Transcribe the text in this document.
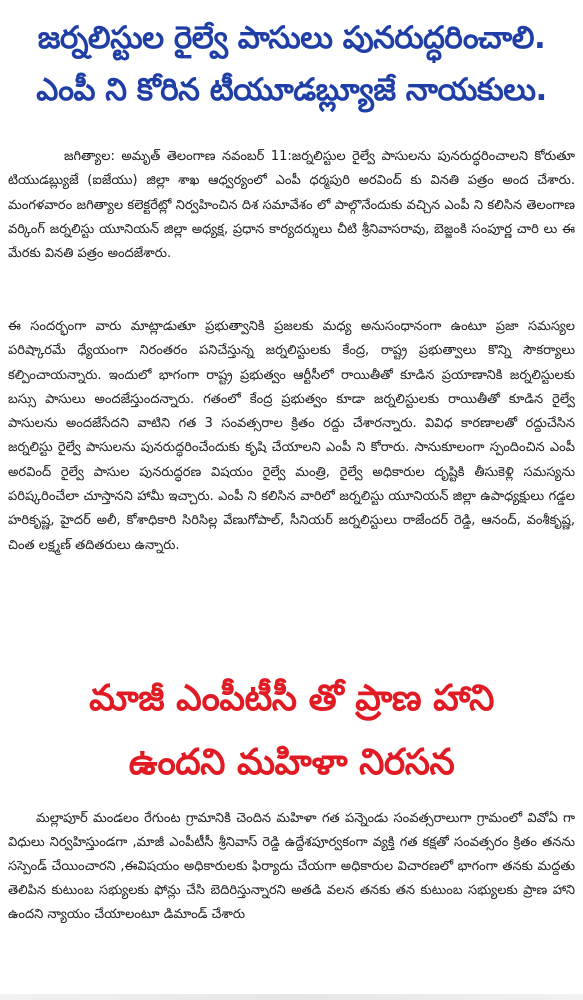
జర్నలిస్టుల రైల్వే పాసులు పునరుద్ధరించాలి.
ఎంపీ ని కోరిన టీయూడబ్ల్యూజే నాయకులు.

జగిత్యాల: అమృత్ తెలంగాణ నవంబర్ 11:జర్నలిస్టుల రైల్వే పాసులను పునరుద్ధరించాలని కోరుతూ టియుడబ్ల్యుజే (ఐజేయు) జిల్లా శాఖ ఆధ్వర్యంలో ఎంపీ ధర్మపురి అరవింద్ కు వినతి పత్రం అంద చేశారు. మంగళవారం జగిత్యాల కలెక్టరేట్లో నిర్వహించిన దిశ సమావేశం లో పాల్గొనేందుకు వచ్చిన ఎంపీ ని కలిసిన తెలంగాణ వర్కింగ్ జర్నలిస్టు యూనియన్ జిల్లా అధ్యక్ష, ప్రధాన కార్యదర్శులు చీటి శ్రీనివాసరావు, బెజ్జంకి సంపూర్ణ చారి లు ఈ మేరకు వినతి పత్రం అందజేశారు.

ఈ సందర్భంగా వారు మాట్లాడుతూ ప్రభుత్వానికి ప్రజలకు మధ్య అనుసంధానంగా ఉంటూ ప్రజా సమస్యల పరిష్కారమే ధ్యేయంగా నిరంతరం పనిచేస్తున్న జర్నలిస్టులకు కేంద్ర, రాష్ట్ర ప్రభుత్వాలు కొన్ని సౌకర్యాలు కల్పించాయన్నారు. ఇందులో భాగంగా రాష్ట్ర ప్రభుత్వం ఆర్టీసీలో రాయితీతో కూడిన ప్రయాణానికి జర్నలిస్టులకు బస్సు పాసులు అందజేస్తుందన్నారు. గతంలో కేంద్ర ప్రభుత్వం కూడా జర్నలిస్టులకు రాయితీతో కూడిన రైల్వే పాసులను అందజేసేదని వాటిని గత 3 సంవత్సరాల క్రితం రద్దు చేశారన్నారు. వివిధ కారణాలతో రద్దుచేసిన జర్నలిస్టు రైల్వే పాసులను పునరుద్ధరించేందుకు కృషి చేయాలని ఎంపీ ని కోరారు. సానుకూలంగా స్పందించిన ఎంపీ అరవింద్ రైల్వే పాసుల పునరుద్ధరణ విషయం రైల్వే మంత్రి, రైల్వే అధికారుల దృష్టికి తీసుకెళ్లి సమస్యను పరిష్కరించేలా చూస్తానని హామీ ఇచ్చారు. ఎంపీ ని కలిసిన వారిలో జర్నలిస్టు యూనియన్ జిల్లా ఉపాధ్యక్షులు గడ్డల హరికృష్ణ, హైదర్ అలీ, కోశాధికారి సిరిసిల్ల వేణుగోపాల్, సీనియర్ జర్నలిస్టులు రాజేందర్ రెడ్డి, ఆనంద్, వంశీకృష్ణ, చింత లక్ష్మణ్ తదితరులు ఉన్నారు.

మాజీ ఎంపీటీసీ తో ప్రాణ హాని
ఉందని మహిళా నిరసన

మల్లాపూర్ మండలం రేగుంట గ్రామానికి చెందిన మహిళా గత పన్నెండు సంవత్సరాలుగా గ్రామంలో వివోఏ గా విధులు నిర్వహిస్తుండగా ,మాజీ ఎంపీటీసీ శ్రీనివాస్ రెడ్డి ఉద్దేశపూర్వకంగా వ్యక్తి గత కక్షతో సంవత్సరం క్రితం తనను సస్పెండ్ చేయించారని ,ఈవిషయం అధికారులకు ఫిర్యాదు చేయగా అధికారుల విచారణలో భాగంగా తనకు మద్దతు తెలిపిన కుటుంబ సభ్యులకు ఫోన్లు చేసి బెదిరిస్తున్నారని అతడి వలన తనకు తన కుటుంబ సభ్యులకు ప్రాణ హాని ఉందని న్యాయం చేయాలంటూ డిమాండ్ చేశారు
